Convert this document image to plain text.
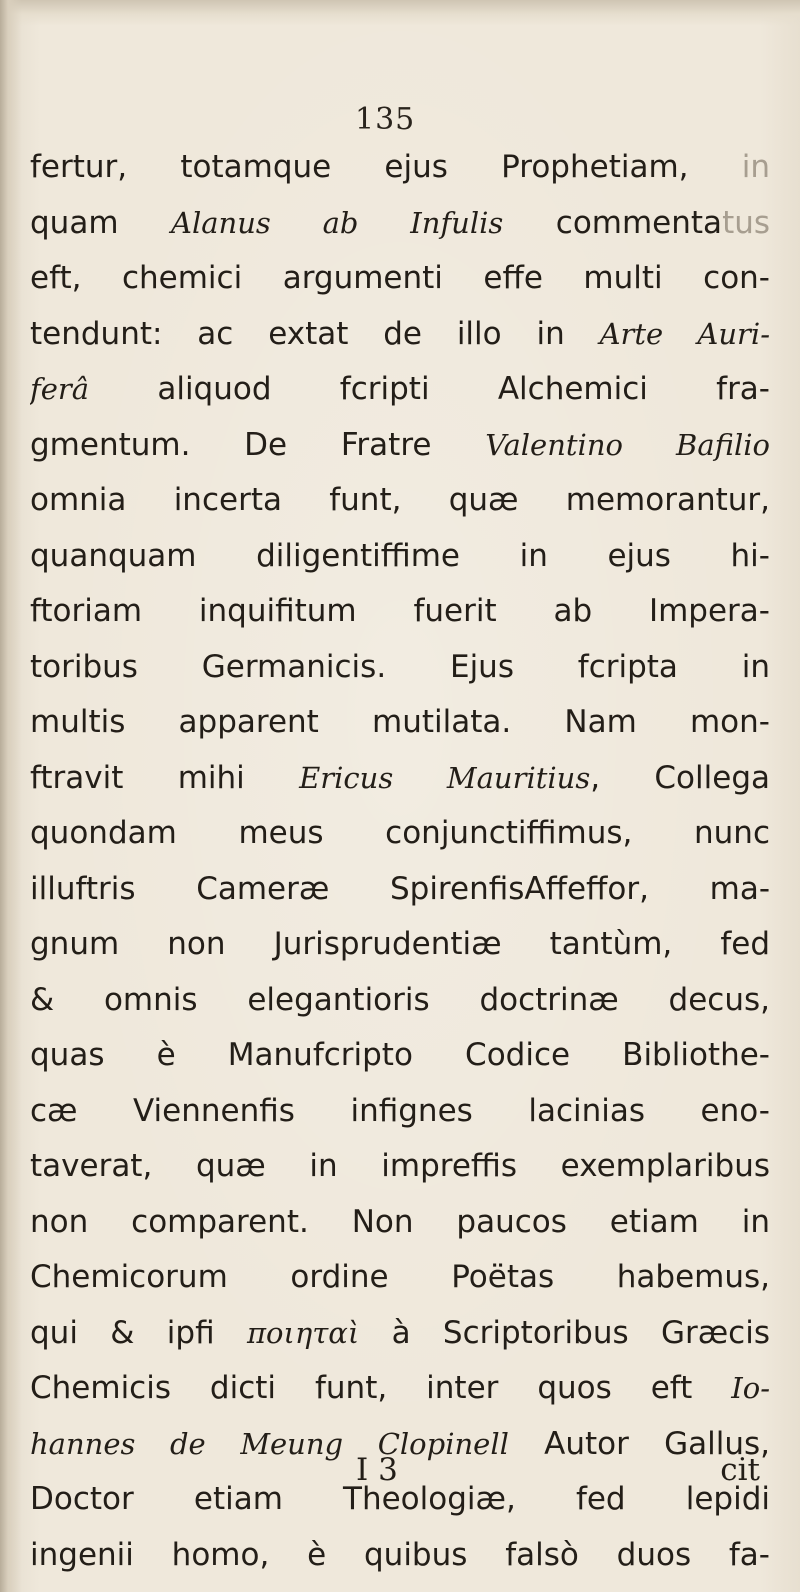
135
fertur, totamque ejus Prophetiam, in
quam Alanus ab Infulis commentatus
eft, chemici argumenti effe multi con-
tendunt: ac extat de illo in Arte Auri-
ferâ aliquod fcripti Alchemici fra-
gmentum. De Fratre Valentino Bafilio
omnia incerta funt, quæ memorantur,
quanquam diligentiffime in ejus hi-
ftoriam inquifitum fuerit ab Impera-
toribus Germanicis. Ejus fcripta in
multis apparent mutilata. Nam mon-
ftravit mihi Ericus Mauritius, Collega
quondam meus conjunctiffimus, nunc
illuftris Cameræ SpirenfisAffeffor, ma-
gnum non Jurisprudentiæ tantùm, fed
& omnis elegantioris doctrinæ decus,
quas è Manufcripto Codice Bibliothe-
cæ Viennenfis infignes lacinias eno-
taverat, quæ in impreffis exemplaribus
non comparent. Non paucos etiam in
Chemicorum ordine Poëtas habemus,
qui & ipfi ποιηταὶ à Scriptoribus Græcis
Chemicis dicti funt, inter quos eft Io-
hannes de Meung Clopinell Autor Gallus,
Doctor etiam Theologiæ, fed lepidi
ingenii homo, è quibus falsò duos fa-
I 3	cit
